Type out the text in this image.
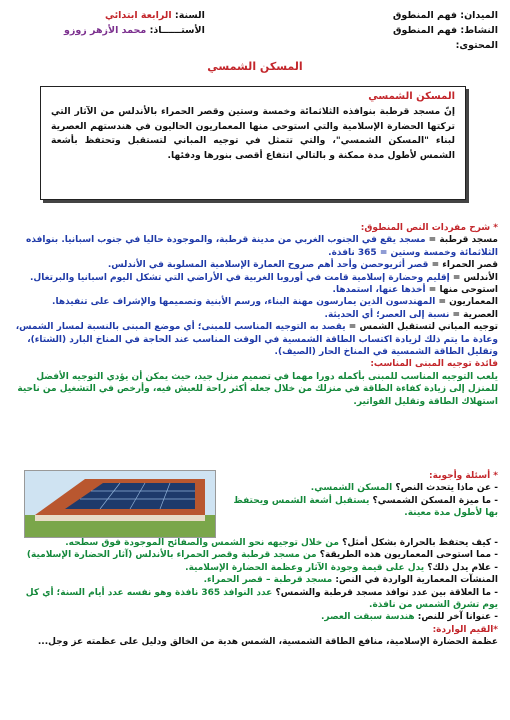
الميدان: فهم المنطوق
النشاط: فهم المنطوق
المحتوى:
السنة: الرابعة ابتدائي
الأستــــــاذ: محمد الأزهر زوزو
المسكن الشمسي
المسكن الشمسي
إنّ مسجد قرطبة بنوافذه الثلاثمائة وخمسة وستين وقصر الحمراء بالأندلس من الآثار التي تركتها الحضارة الإسلامية والتي استوحى منها المعماريون الحاليون في هندستهم العصرية لبناء "المسكن الشمسي"، والتي تتمثل في توجيه المباني لتستقبل وتحتفظ بأشعة الشمس لأطول مدة ممكنة و بالتالي انتفاع أقصى بنورها ودفئها.

* شرح مفردات النص المنطوق:

مسجد قرطبة = مسجد يقع في الجنوب الغربي من مدينة قرطبة، والموجودة حاليا في جنوب اسبانيا. بنوافذه الثلاثمائة وخمسة وستين = 365 نافذة.

قصر الحمراء = قصر أثريوحصن وأحد أهم صروح العمارة الإسلامية المسلوبة في الأندلس.

الأندلس = إقليم وحضارة إسلامية قامت في أوروبا الغربية في الأراضي التي تشكل اليوم اسبانيا والبرتغال.

استوحى منها = أخذها عنها، استمدها.

المعماريون = المهندسون الذين يمارسون مهنة البناء، ورسم الأبنية وتصميمها والإشراف على تنفيذها.

العصرية = نسبة إلى العصر؛ أي الحديثة.

توجيه المباني لتستقبل الشمس = يقصد به التوجيه المناسب للمبنى؛ أي موضع المبنى بالنسبة لمسار الشمس، وعادة ما يتم ذلك لزيادة اكتساب الطاقة الشمسية في الوقت المناسب عند الحاجة في المناخ البارد (الشتاء)، وتقليل الطاقة الشمسية في المناخ الحار (الصيف).

فائدة توجيه المبنى المناسب:

يلعب التوجيه المناسب للمبنى بأكمله دورا مهما في تصميم منزل جيد، حيث يمكن أن يؤدي التوجيه الأفضل للمنزل إلى زيادة كفاءة الطاقة في منزلك من خلال جعله أكثر راحة للعيش فيه، وأرخص في التشغيل من ناحية استهلاك الطاقة وتقليل الفواتير.

* أسئلة وأجوبة:

- عن ماذا يتحدث النص؟ المسكن الشمسي.

- ما ميزة المسكن الشمسي؟ يستقبل أشعة الشمس ويحتفظ بها لأطول مدة معينة.

- كيف يحتفظ بالحرارة بشكل أمثل؟ من خلال توجيهه نحو الشمس والصفائح الموجودة فوق سطحه.

- مما استوحى المعماريون هذه الطريقة؟ من مسجد قرطبة وقصر الحمراء بالأندلس (آثار الحضارة الإسلامية)

- علام يدل ذلك؟ يدل على قيمة وجودة الآثار وعظمة الحضارة الإسلامية.

المنشآت المعمارية الواردة في النص: مسجد قرطبة – قصر الحمراء.

- ما العلاقة بين عدد نوافذ مسجد قرطبة والشمس؟ عدد النوافذ 365 نافذة وهو نفسه عدد أيام السنة؛ أي كل يوم تشرق الشمس من نافذة.

- عنوانا آخر للنص: هندسة سبقت العصر.

*القيم الواردة:

عظمة الحضارة الإسلامية، منافع الطاقة الشمسية، الشمس هدية من الخالق ودليل على عظمته عز وجل...
